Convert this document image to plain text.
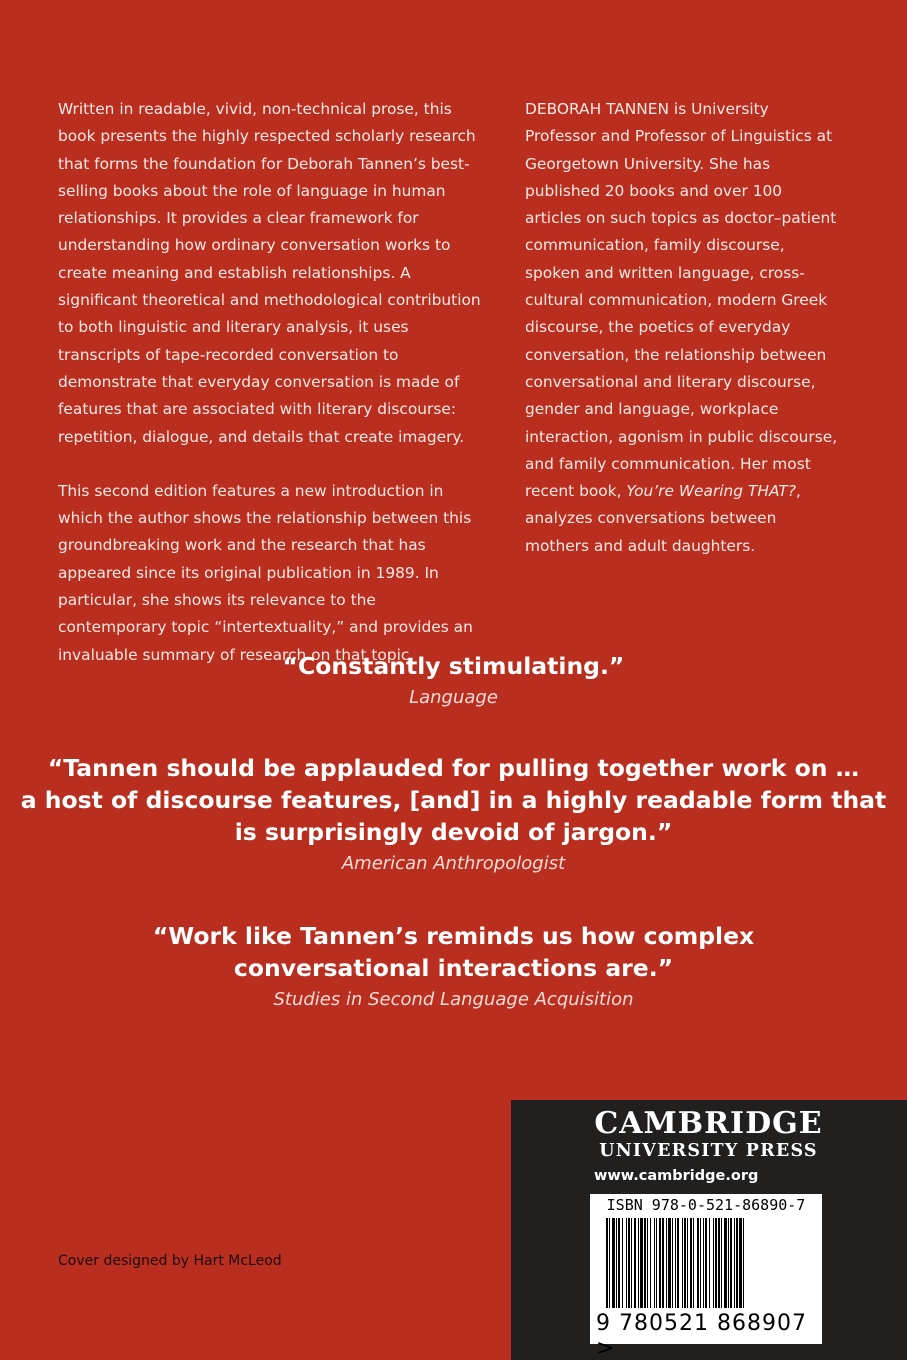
Written in readable, vivid, non-technical prose, this book presents the highly respected scholarly research that forms the foundation for Deborah Tannen’s best-selling books about the role of language in human relationships. It provides a clear framework for understanding how ordinary conversation works to create meaning and establish relationships. A significant theoretical and methodological contribution to both linguistic and literary analysis, it uses transcripts of tape-recorded conversation to demonstrate that everyday conversation is made of features that are associated with literary discourse: repetition, dialogue, and details that create imagery.

This second edition features a new introduction in which the author shows the relationship between this groundbreaking work and the research that has appeared since its original publication in 1989. In particular, she shows its relevance to the contemporary topic “intertextuality,” and provides an invaluable summary of research on that topic.

DEBORAH TANNEN is University Professor and Professor of Linguistics at Georgetown University. She has published 20 books and over 100 articles on such topics as doctor–patient communication, family discourse, spoken and written language, cross-cultural communication, modern Greek discourse, the poetics of everyday conversation, the relationship between conversational and literary discourse, gender and language, workplace interaction, agonism in public discourse, and family communication. Her most recent book, You’re Wearing THAT?, analyzes conversations between mothers and adult daughters.

“Constantly stimulating.”
Language
“Tannen should be applauded for pulling together work on …
a host of discourse features, [and] in a highly readable form that
is surprisingly devoid of jargon.”
American Anthropologist
“Work like Tannen’s reminds us how complex
conversational interactions are.”
Studies in Second Language Acquisition
Cover designed by Hart McLeod
CAMBRIDGE
UNIVERSITY PRESS
www.cambridge.org
ISBN 978-0-521-86890-7
9 780521 868907 >
